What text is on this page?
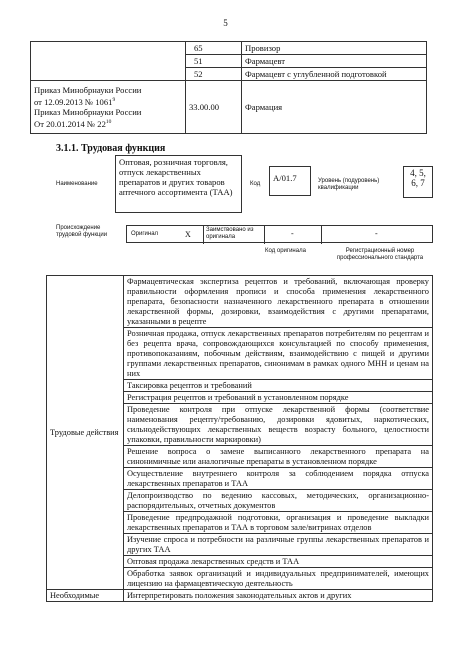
5
	65	Провизор
	51	Фармацевт
	52	Фармацевт с углубленной подготовкой

Приказ Минобрнауки России
от 12.09.2013 № 1061$^9$
Приказ Минобрнауки России
От 20.01.2014 № $22^{10}$	33.00.00	Фармация
3.1.1. Трудовая функция
Наименование
Оптовая, розничная торговля, отпуск лекарственных препаратов и других товаров аптечного ассортимента (ТАА)
Код
A/01.7	Уровень (подуровень) квалификации
4, 5, 6, 7
Происхождение трудовой функции	Оригинал	X	Заимствовано из оригинала	-	-
Код оригинала	Регистрационный номер профессионального стандарта
Трудовые действия	Фармацевтическая экспертиза рецептов и требований, включающая проверку правильности оформления прописи и способа применения лекарственного препарата, безопасности назначенного лекарственного препарата в отношении лекарственной формы, дозировки, взаимодействия с другими препаратами, указанными в рецепте
	Розничная продажа, отпуск лекарственных препаратов потребителям по рецептам и без рецепта врача, сопровождающихся консультацией по способу применения, противопоказаниям, побочным действиям, взаимодействию с пищей и другими группами лекарственных препаратов, синонимам в рамках одного МНН и ценам на них
	Таксировка рецептов и требований
	Регистрация рецептов и требований в установленном порядке
	Проведение контроля при отпуске лекарственной формы (соответствие наименования рецепту/требованию, дозировки ядовитых, наркотических, сильнодействующих лекарственных веществ возрасту больного, целостности упаковки, правильности маркировки)
	Решение вопроса о замене выписанного лекарственного препарата на синонимичные или аналогичные препараты в установленном порядке
	Осуществление внутреннего контроля за соблюдением порядка отпуска лекарственных препаратов и ТАА
	Делопроизводство по ведению кассовых, методических, организационно-распорядительных, отчетных документов
	Проведение предпродажной подготовки, организация и проведение выкладки лекарственных препаратов и ТАА в торговом зале/витринах отделов
	Изучение спроса и потребности на различные группы лекарственных препаратов и других ТАА
	Оптовая продажа лекарственных средств и ТАА
	Обработка заявок организаций и индивидуальных предпринимателей, имеющих лицензию на фармацевтическую деятельность
Необходимые	Интерпретировать положения законодательных актов и других
